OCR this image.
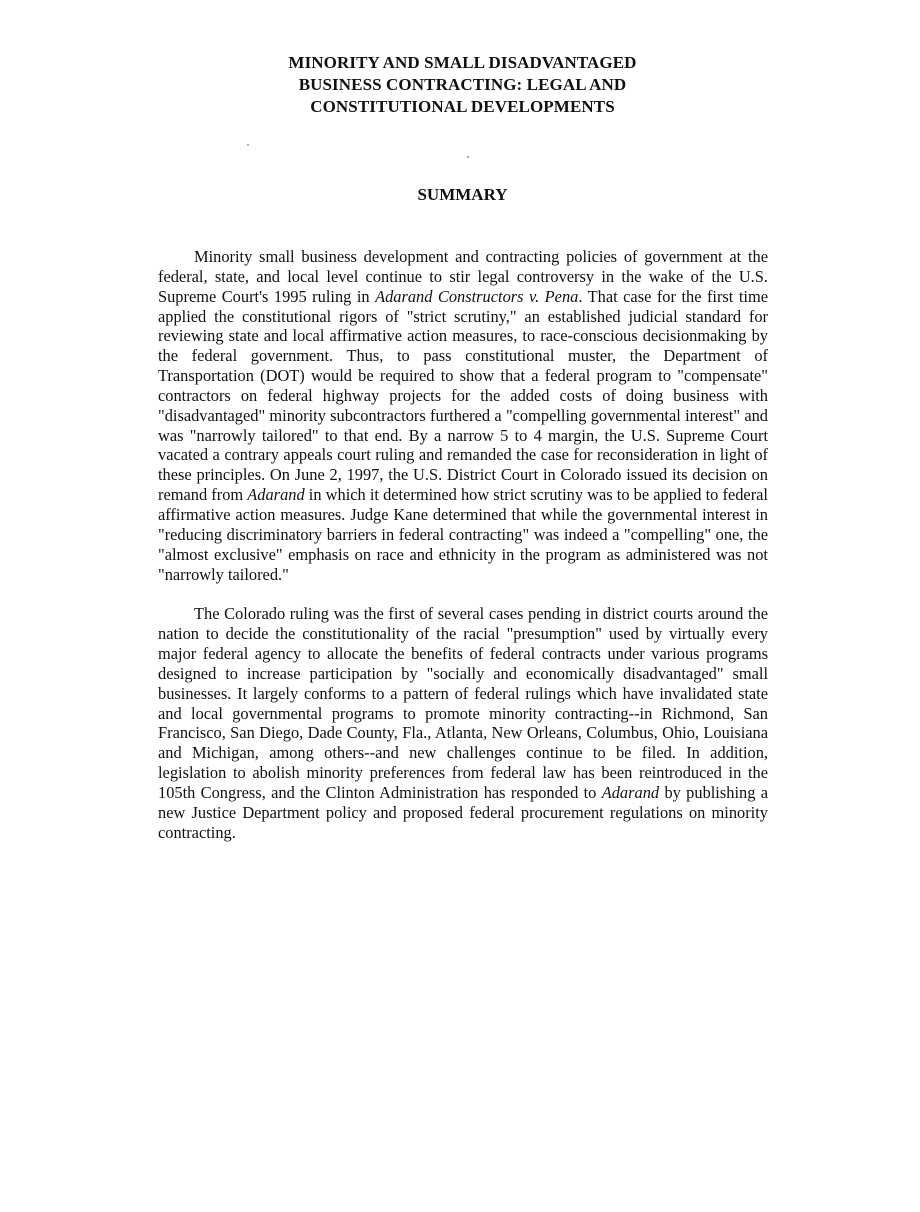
MINORITY AND SMALL DISADVANTAGED
BUSINESS CONTRACTING: LEGAL AND
CONSTITUTIONAL DEVELOPMENTS
SUMMARY

Minority small business development and contracting policies of government at the federal, state, and local level continue to stir legal controversy in the wake of the U.S. Supreme Court's 1995 ruling in Adarand Constructors v. Pena. That case for the first time applied the constitutional rigors of "strict scrutiny," an established judicial standard for reviewing state and local affirmative action measures, to race-conscious decisionmaking by the federal government. Thus, to pass constitutional muster, the Department of Transportation (DOT) would be required to show that a federal program to "compensate" contractors on federal highway projects for the added costs of doing business with "disadvantaged" minority subcontractors furthered a "compelling governmental interest" and was "narrowly tailored" to that end. By a narrow 5 to 4 margin, the U.S. Supreme Court vacated a contrary appeals court ruling and remanded the case for reconsideration in light of these principles. On June 2, 1997, the U.S. District Court in Colorado issued its decision on remand from Adarand in which it determined how strict scrutiny was to be applied to federal affirmative action measures. Judge Kane determined that while the governmental interest in "reducing discriminatory barriers in federal contracting" was indeed a "compelling" one, the "almost exclusive" emphasis on race and ethnicity in the program as administered was not "narrowly tailored."

The Colorado ruling was the first of several cases pending in district courts around the nation to decide the constitutionality of the racial "presumption" used by virtually every major federal agency to allocate the benefits of federal contracts under various programs designed to increase participation by "socially and economically disadvantaged" small businesses. It largely conforms to a pattern of federal rulings which have invalidated state and local governmental programs to promote minority contracting--in Richmond, San Francisco, San Diego, Dade County, Fla., Atlanta, New Orleans, Columbus, Ohio, Louisiana and Michigan, among others--and new challenges continue to be filed. In addition, legislation to abolish minority preferences from federal law has been reintroduced in the 105th Congress, and the Clinton Administration has responded to Adarand by publishing a new Justice Department policy and proposed federal procurement regulations on minority contracting.
